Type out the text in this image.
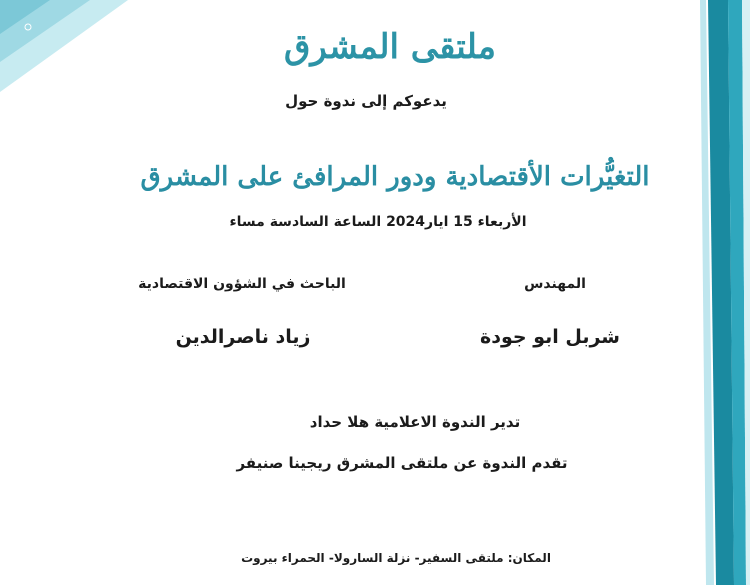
ملتقى المشرق
يدعوكم إلى ندوة حول
التغيُّرات الأقتصادية ودور المرافئ على المشرق
الأربعاء 15 ايار2024 الساعة السادسة مساء
المهندس
شربل ابو جودة
الباحث في الشؤون الاقتصادية
زياد ناصرالدين
تدير الندوة الاعلامية هلا حداد
تقدم الندوة عن ملتقى المشرق ريجينا صنيفر
المكان: ملتقى السفير- نزلة السارولا- الحمراء بيروت
